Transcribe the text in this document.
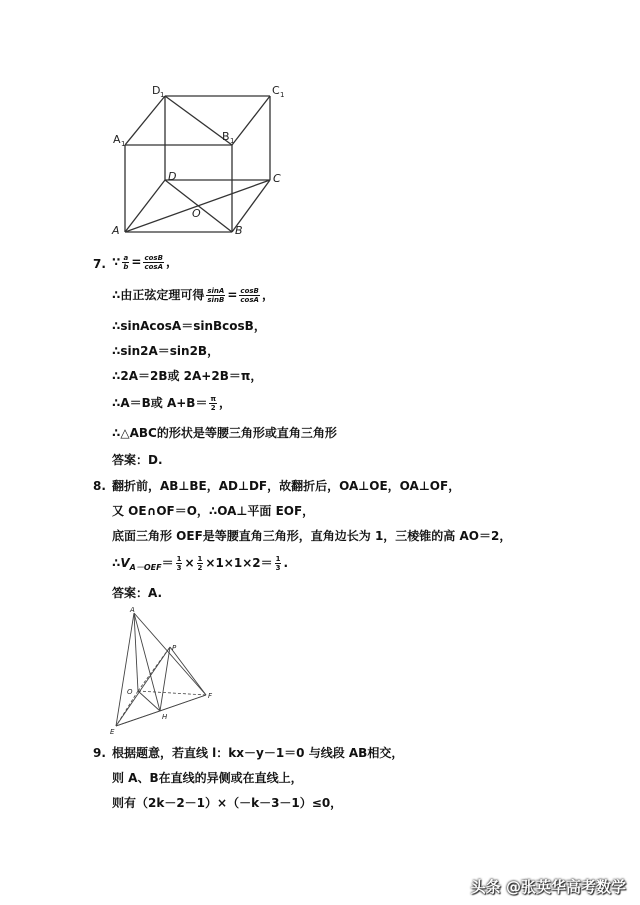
D 1	C 1
A 1
B 1
D	C
O
A	B
7. ∵ $\frac{a}{b} = \frac{\cos B}{\cos A}$ ，
∴由正弦定理可得 $\frac{\sin A}{\sin B} = \frac{\cos B}{\cos A}$ ，
∴sinAcosA＝sinBcosB，
∴sin2A＝sin2B，
∴2A＝2B或 2A+2B＝π，
∴A＝B或 $A+B= \frac{\pi}{2}$ ，
∴△ABC的形状是等腰三角形或直角三角形
答案：D.
8. 翻折前，AB⊥BE，AD⊥DF，故翻折后，OA⊥OE，OA⊥OF，
又 OE∩OF＝O，∴OA⊥平面 EOF，
底面三角形 OEF是等腰直角三角形，直角边长为 1，三棱锥的高 AO＝2，
$\therefore V_{A-OEF}= \frac{1}{3} \times \frac{1}{2} \times 1\times 1\times 2= \frac{1}{3}$ .
答案：A.
A
P
O
H
F
E
9. 根据题意，若直线 l：kx－y－1＝0 与线段 AB相交，
则 A、B在直线的异侧或在直线上，
则有（2k－2－1）×（－k－3－1）≤0，
头条 @张英华高考数学
